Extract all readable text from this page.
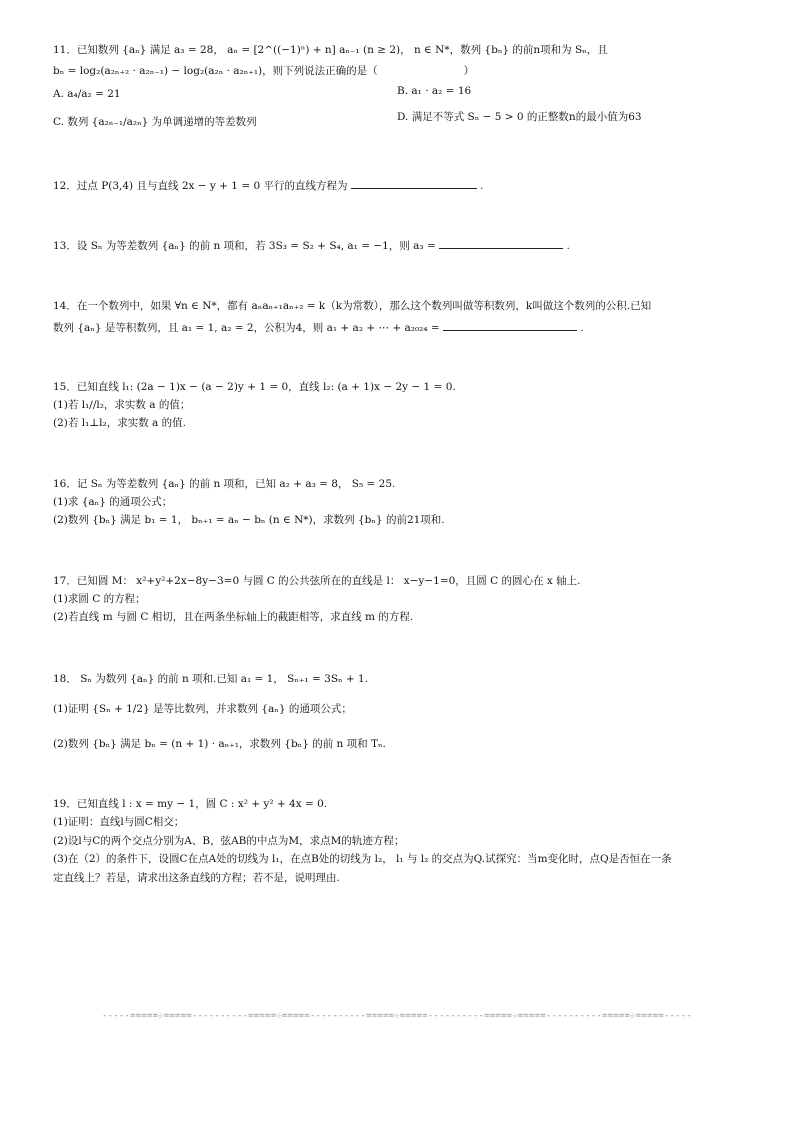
11．已知数列 {aₙ} 满足 a₃ = 28， aₙ = [2^((−1)ⁿ) + n] aₙ₋₁ (n ≥ 2)， n ∈ N*，数列 {bₙ} 的前n项和为 Sₙ，且
bₙ = log₂(a₂ₙ₊₂ · a₂ₙ₋₁) − log₂(a₂ₙ · a₂ₙ₊₁)，则下列说法正确的是（	）
A. a₄/a₂ = 21	B. a₁ · a₂ = 16
C. 数列 {a₂ₙ₋₁/a₂ₙ} 为单调递增的等差数列	D. 满足不等式 Sₙ − 5 > 0 的正整数n的最小值为63
12．过点 P(3,4) 且与直线 2x − y + 1 = 0 平行的直线方程为	.
13．设 Sₙ 为等差数列 {aₙ} 的前 n 项和，若 3S₃ = S₂ + S₄, a₁ = −1，则 a₃ =	.
14．在一个数列中，如果 ∀n ∈ N*，都有 aₙaₙ₊₁aₙ₊₂ = k（k为常数），那么这个数列叫做等积数列，k叫做这个数列的公积.已知
数列 {aₙ} 是等积数列，且 a₁ = 1, a₂ = 2，公积为4，则 a₁ + a₂ + ⋯ + a₂₀₂₄ =	.
15．已知直线 l₁: (2a − 1)x − (a − 2)y + 1 = 0，直线 l₂: (a + 1)x − 2y − 1 = 0.
(1)若 l₁//l₂，求实数 a 的值；
(2)若 l₁⊥l₂，求实数 a 的值.
16．记 Sₙ 为等差数列 {aₙ} 的前 n 项和，已知 a₂ + a₃ = 8， S₅ = 25.
(1)求 {aₙ} 的通项公式；
(2)数列 {bₙ} 满足 b₁ = 1， bₙ₊₁ = aₙ − bₙ (n ∈ N*)，求数列 {bₙ} 的前21项和.
17．已知圆 M： x²+y²+2x−8y−3=0 与圆 C 的公共弦所在的直线是 l： x−y−1=0，且圆 C 的圆心在 x 轴上.
(1)求圆 C 的方程；
(2)若直线 m 与圆 C 相切，且在两条坐标轴上的截距相等，求直线 m 的方程.
18． Sₙ 为数列 {aₙ} 的前 n 项和.已知 a₁ = 1， Sₙ₊₁ = 3Sₙ + 1.
(1)证明 {Sₙ + 1/2} 是等比数列，并求数列 {aₙ} 的通项公式；
(2)数列 {bₙ} 满足 bₙ = (n + 1) · aₙ₊₁，求数列 {bₙ} 的前 n 项和 Tₙ.
19．已知直线 l : x = my − 1，圆 C : x² + y² + 4x = 0.
(1)证明：直线l与圆C相交；
(2)设l与C的两个交点分别为A、B，弦AB的中点为M，求点M的轨迹方程；
(3)在（2）的条件下，设圆C在点A处的切线为 l₁，在点B处的切线为 l₂， l₁ 与 l₂ 的交点为Q.试探究：当m变化时，点Q是否恒在一条
定直线上？若是，请求出这条直线的方程；若不是，说明理由.
-----=====☆=====----------=====☆=====----------=====☆=====----------=====☆=====----------=====☆=====-----
